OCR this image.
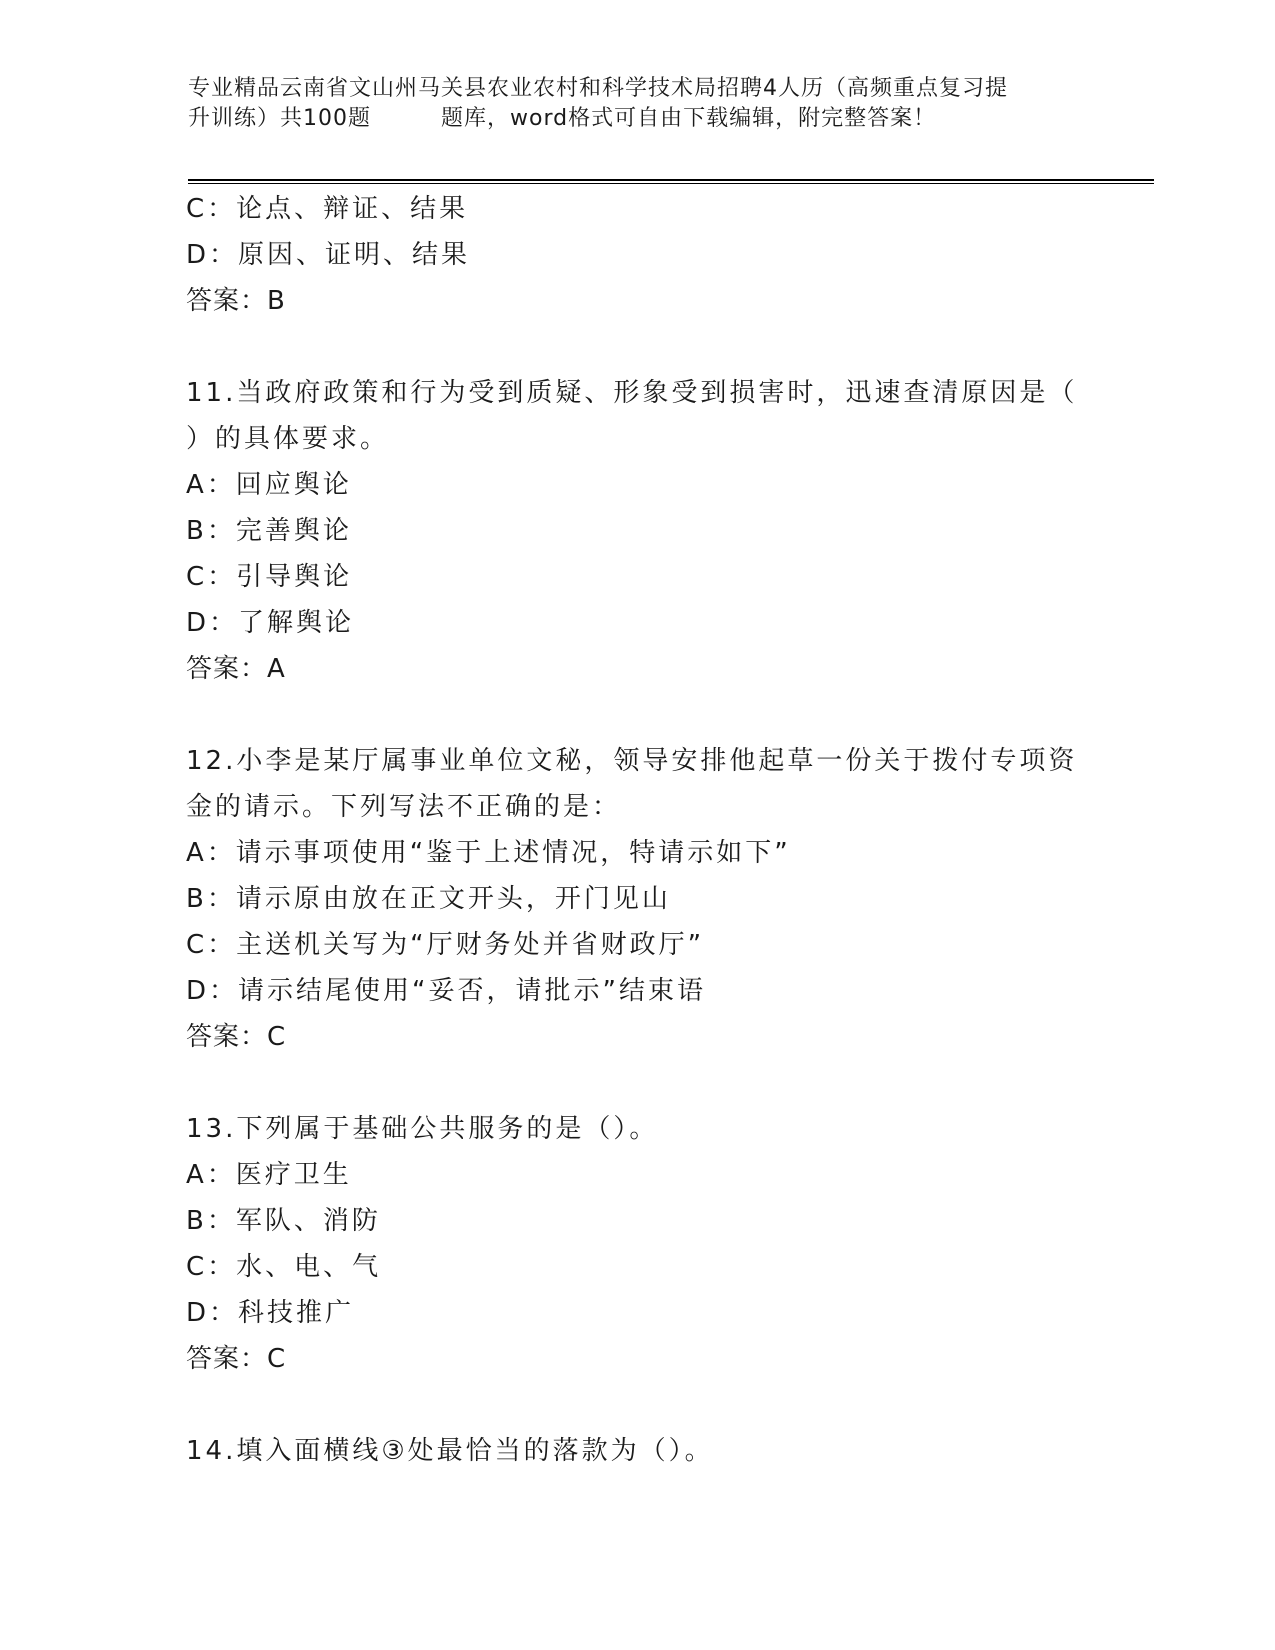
专业精品云南省文山州马关县农业农村和科学技术局招聘4人历（高频重点复习提
升训练）共100题	题库，word格式可自由下载编辑，附完整答案！
C：论点、辩证、结果
D：原因、证明、结果
答案：B
11.当政府政策和行为受到质疑、形象受到损害时，迅速查清原因是（
）的具体要求。
A：回应舆论
B：完善舆论
C：引导舆论
D：了解舆论
答案：A
12.小李是某厅属事业单位文秘，领导安排他起草一份关于拨付专项资
金的请示。下列写法不正确的是：
A：请示事项使用“鉴于上述情况，特请示如下”
B：请示原由放在正文开头，开门见山
C：主送机关写为“厅财务处并省财政厅”
D：请示结尾使用“妥否，请批示”结束语
答案：C
13.下列属于基础公共服务的是（）。
A：医疗卫生
B：军队、消防
C：水、电、气
D：科技推广
答案：C
14.填入面横线③处最恰当的落款为（）。
